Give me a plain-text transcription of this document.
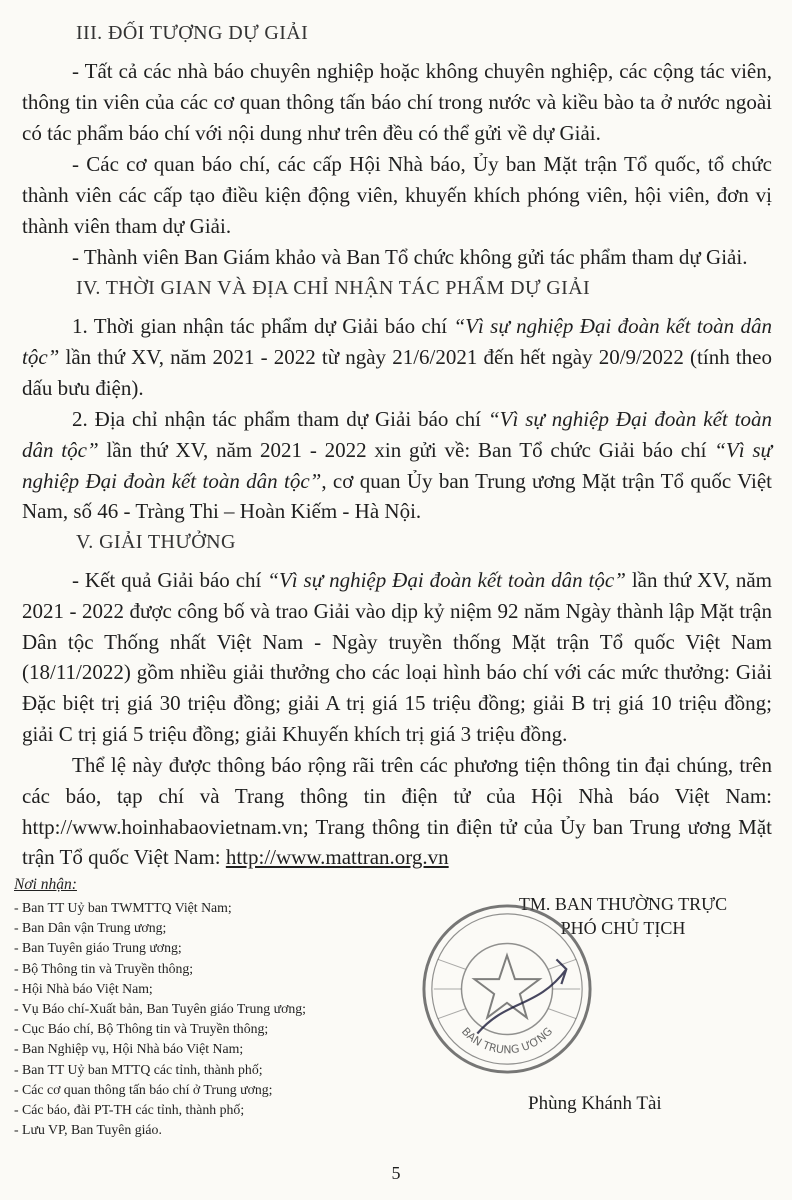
III. ĐỐI TƯỢNG DỰ GIẢI

- Tất cả các nhà báo chuyên nghiệp hoặc không chuyên nghiệp, các cộng tác viên, thông tin viên của các cơ quan thông tấn báo chí trong nước và kiều bào ta ở nước ngoài có tác phẩm báo chí với nội dung như trên đều có thể gửi về dự Giải.

- Các cơ quan báo chí, các cấp Hội Nhà báo, Ủy ban Mặt trận Tổ quốc, tổ chức thành viên các cấp tạo điều kiện động viên, khuyến khích phóng viên, hội viên, đơn vị thành viên tham dự Giải.

- Thành viên Ban Giám khảo và Ban Tổ chức không gửi tác phẩm tham dự Giải.

IV. THỜI GIAN VÀ ĐỊA CHỈ NHẬN TÁC PHẨM DỰ GIẢI

1. Thời gian nhận tác phẩm dự Giải báo chí “Vì sự nghiệp Đại đoàn kết toàn dân tộc” lần thứ XV, năm 2021 - 2022 từ ngày 21/6/2021 đến hết ngày 20/9/2022 (tính theo dấu bưu điện).

2. Địa chỉ nhận tác phẩm tham dự Giải báo chí “Vì sự nghiệp Đại đoàn kết toàn dân tộc” lần thứ XV, năm 2021 - 2022 xin gửi về: Ban Tổ chức Giải báo chí “Vì sự nghiệp Đại đoàn kết toàn dân tộc”, cơ quan Ủy ban Trung ương Mặt trận Tổ quốc Việt Nam, số 46 - Tràng Thi – Hoàn Kiếm - Hà Nội.

V. GIẢI THƯỞNG

- Kết quả Giải báo chí “Vì sự nghiệp Đại đoàn kết toàn dân tộc” lần thứ XV, năm 2021 - 2022 được công bố và trao Giải vào dịp kỷ niệm 92 năm Ngày thành lập Mặt trận Dân tộc Thống nhất Việt Nam - Ngày truyền thống Mặt trận Tổ quốc Việt Nam (18/11/2022) gồm nhiều giải thưởng cho các loại hình báo chí với các mức thưởng: Giải Đặc biệt trị giá 30 triệu đồng; giải A trị giá 15 triệu đồng; giải B trị giá 10 triệu đồng; giải C trị giá 5 triệu đồng; giải Khuyến khích trị giá 3 triệu đồng.

Thể lệ này được thông báo rộng rãi trên các phương tiện thông tin đại chúng, trên các báo, tạp chí và Trang thông tin điện tử của Hội Nhà báo Việt Nam: http://www.hoinhabaovietnam.vn; Trang thông tin điện tử của Ủy ban Trung ương Mặt trận Tổ quốc Việt Nam: http://www.mattran.org.vn

Nơi nhận:
- Ban TT Uỷ ban TWMTTQ Việt Nam;
- Ban Dân vận Trung ương;
- Ban Tuyên giáo Trung ương;
- Bộ Thông tin và Truyền thông;
- Hội Nhà báo Việt Nam;
- Vụ Báo chí-Xuất bản, Ban Tuyên giáo Trung ương;
- Cục Báo chí, Bộ Thông tin và Truyền thông;
- Ban Nghiệp vụ, Hội Nhà báo Việt Nam;
- Ban TT Uỷ ban MTTQ các tỉnh, thành phố;
- Các cơ quan thông tấn báo chí ở Trung ương;
- Các báo, đài PT-TH các tỉnh, thành phố;
- Lưu VP, Ban Tuyên giáo.
TM. BAN THƯỜNG TRỰC
PHÓ CHỦ TỊCH
BAN TRUNG ƯƠNG
Phùng Khánh Tài
5
